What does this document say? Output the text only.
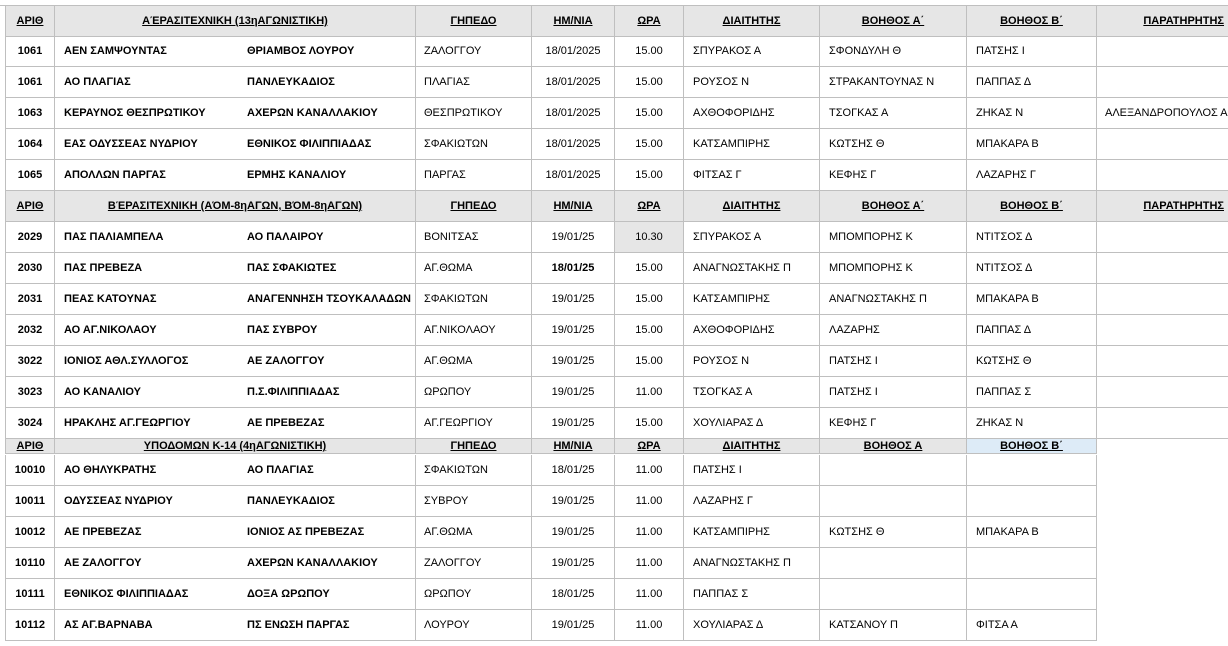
ΑΡΙΘ	ΑΈΡΑΣΙΤΕΧΝΙΚΗ (13ηΑΓΩΝΙΣΤΙΚΗ)	ΓΗΠΕΔΟ	ΗΜ/ΝΙΑ	ΩΡΑ	ΔΙΑΙΤΗΤΗΣ	ΒΟΗΘΟΣ Α΄	ΒΟΗΘΟΣ Β΄	ΠΑΡΑΤΗΡΗΤΗΣ
1061	ΑΕΝ ΣΑΜΨΟΥΝΤΑΣ	ΘΡΙΑΜΒΟΣ ΛΟΥΡΟΥ	ΖΑΛΟΓΓΟΥ	18/01/2025	15.00	ΣΠΥΡΑΚΟΣ Α	ΣΦΟΝΔΥΛΗ Θ	ΠΑΤΣΗΣ Ι
1061	ΑΟ ΠΛΑΓΙΑΣ	ΠΑΝΛΕΥΚΑΔΙΟΣ	ΠΛΑΓΙΑΣ	18/01/2025	15.00	ΡΟΥΣΟΣ Ν	ΣΤΡΑΚΑΝΤΟΥΝΑΣ Ν	ΠΑΠΠΑΣ Δ
1063	ΚΕΡΑΥΝΟΣ ΘΕΣΠΡΩΤΙΚΟΥ	ΑΧΕΡΩΝ ΚΑΝΑΛΛΑΚΙΟΥ	ΘΕΣΠΡΩΤΙΚΟΥ	18/01/2025	15.00	ΑΧΘΟΦΟΡΙΔΗΣ	ΤΣΟΓΚΑΣ Α	ΖΗΚΑΣ Ν	ΑΛΕΞΑΝΔΡΟΠΟΥΛΟΣ Α
1064	ΕΑΣ ΟΔΥΣΣΕΑΣ ΝΥΔΡΙΟΥ	ΕΘΝΙΚΟΣ ΦΙΛΙΠΠΙΑΔΑΣ	ΣΦΑΚΙΩΤΩΝ	18/01/2025	15.00	ΚΑΤΣΑΜΠΙΡΗΣ	ΚΩΤΣΗΣ Θ	ΜΠΑΚΑΡΑ Β
1065	ΑΠΟΛΛΩΝ ΠΑΡΓΑΣ	ΕΡΜΗΣ ΚΑΝΑΛΙΟΥ	ΠΑΡΓΑΣ	18/01/2025	15.00	ΦΙΤΣΑΣ Γ	ΚΕΦΗΣ Γ	ΛΑΖΑΡΗΣ Γ
ΑΡΙΘ	ΒΈΡΑΣΙΤΕΧΝΙΚΗ (ΑΌΜ-8ηΑΓΩΝ, ΒΌΜ-8ηΑΓΩΝ)	ΓΗΠΕΔΟ	ΗΜ/ΝΙΑ	ΩΡΑ	ΔΙΑΙΤΗΤΗΣ	ΒΟΗΘΟΣ Α΄	ΒΟΗΘΟΣ Β΄	ΠΑΡΑΤΗΡΗΤΗΣ
2029	ΠΑΣ ΠΑΛΙΑΜΠΕΛΑ	ΑΟ ΠΑΛΑΙΡΟΥ	ΒΟΝΙΤΣΑΣ	19/01/25	10.30	ΣΠΥΡΑΚΟΣ Α	ΜΠΟΜΠΟΡΗΣ Κ	ΝΤΙΤΣΟΣ Δ
2030	ΠΑΣ ΠΡΕΒΕΖΑ	ΠΑΣ ΣΦΑΚΙΩΤΕΣ	ΑΓ.ΘΩΜΑ	18/01/25	15.00	ΑΝΑΓΝΩΣΤΑΚΗΣ Π	ΜΠΟΜΠΟΡΗΣ Κ	ΝΤΙΤΣΟΣ Δ
2031	ΠΕΑΣ ΚΑΤΟΥΝΑΣ	ΑΝΑΓΕΝΝΗΣΗ ΤΣΟΥΚΑΛΑΔΩΝ	ΣΦΑΚΙΩΤΩΝ	19/01/25	15.00	ΚΑΤΣΑΜΠΙΡΗΣ	ΑΝΑΓΝΩΣΤΑΚΗΣ Π	ΜΠΑΚΑΡΑ Β
2032	ΑΟ ΑΓ.ΝΙΚΟΛΑΟΥ	ΠΑΣ ΣΥΒΡΟΥ	ΑΓ.ΝΙΚΟΛΑΟΥ	19/01/25	15.00	ΑΧΘΟΦΟΡΙΔΗΣ	ΛΑΖΑΡΗΣ	ΠΑΠΠΑΣ Δ
3022	ΙΟΝΙΟΣ ΑΘΛ.ΣΥΛΛΟΓΟΣ	ΑΕ ΖΑΛΟΓΓΟΥ	ΑΓ.ΘΩΜΑ	19/01/25	15.00	ΡΟΥΣΟΣ Ν	ΠΑΤΣΗΣ Ι	ΚΩΤΣΗΣ Θ
3023	ΑΟ ΚΑΝΑΛΙΟΥ	Π.Σ.ΦΙΛΙΠΠΙΑΔΑΣ	ΩΡΩΠΟΥ	19/01/25	11.00	ΤΣΟΓΚΑΣ Α	ΠΑΤΣΗΣ Ι	ΠΑΠΠΑΣ Σ
3024	ΗΡΑΚΛΗΣ ΑΓ.ΓΕΩΡΓΙΟΥ	ΑΕ ΠΡΕΒΕΖΑΣ	ΑΓ.ΓΕΩΡΓΙΟΥ	19/01/25	15.00	ΧΟΥΛΙΑΡΑΣ Δ	ΚΕΦΗΣ Γ	ΖΗΚΑΣ Ν
ΑΡΙΘ	ΥΠΟΔΟΜΩΝ Κ-14 (4ηΑΓΩΝΙΣΤΙΚΗ)	ΓΗΠΕΔΟ	ΗΜ/ΝΙΑ	ΩΡΑ	ΔΙΑΙΤΗΤΗΣ	ΒΟΗΘΟΣ Α	ΒΟΗΘΟΣ Β΄
10010	ΑΟ ΘΗΛΥΚΡΑΤΗΣ	ΑΟ ΠΛΑΓΙΑΣ	ΣΦΑΚΙΩΤΩΝ	18/01/25	11.00	ΠΑΤΣΗΣ Ι
10011	ΟΔΥΣΣΕΑΣ ΝΥΔΡΙΟΥ	ΠΑΝΛΕΥΚΑΔΙΟΣ	ΣΥΒΡΟΥ	19/01/25	11.00	ΛΑΖΑΡΗΣ Γ
10012	ΑΕ ΠΡΕΒΕΖΑΣ	ΙΟΝΙΟΣ ΑΣ ΠΡΕΒΕΖΑΣ	ΑΓ.ΘΩΜΑ	19/01/25	11.00	ΚΑΤΣΑΜΠΙΡΗΣ	ΚΩΤΣΗΣ Θ	ΜΠΑΚΑΡΑ Β
10110	ΑΕ ΖΑΛΟΓΓΟΥ	ΑΧΕΡΩΝ ΚΑΝΑΛΛΑΚΙΟΥ	ΖΑΛΟΓΓΟΥ	19/01/25	11.00	ΑΝΑΓΝΩΣΤΑΚΗΣ Π
10111	ΕΘΝΙΚΟΣ ΦΙΛΙΠΠΙΑΔΑΣ	ΔΟΞΑ ΩΡΩΠΟΥ	ΩΡΩΠΟΥ	18/01/25	11.00	ΠΑΠΠΑΣ Σ
10112	ΑΣ ΑΓ.ΒΑΡΝΑΒΑ	ΠΣ ΕΝΩΣΗ ΠΑΡΓΑΣ	ΛΟΥΡΟΥ	19/01/25	11.00	ΧΟΥΛΙΑΡΑΣ Δ	ΚΑΤΣΑΝΟΥ Π	ΦΙΤΣΑ Α
